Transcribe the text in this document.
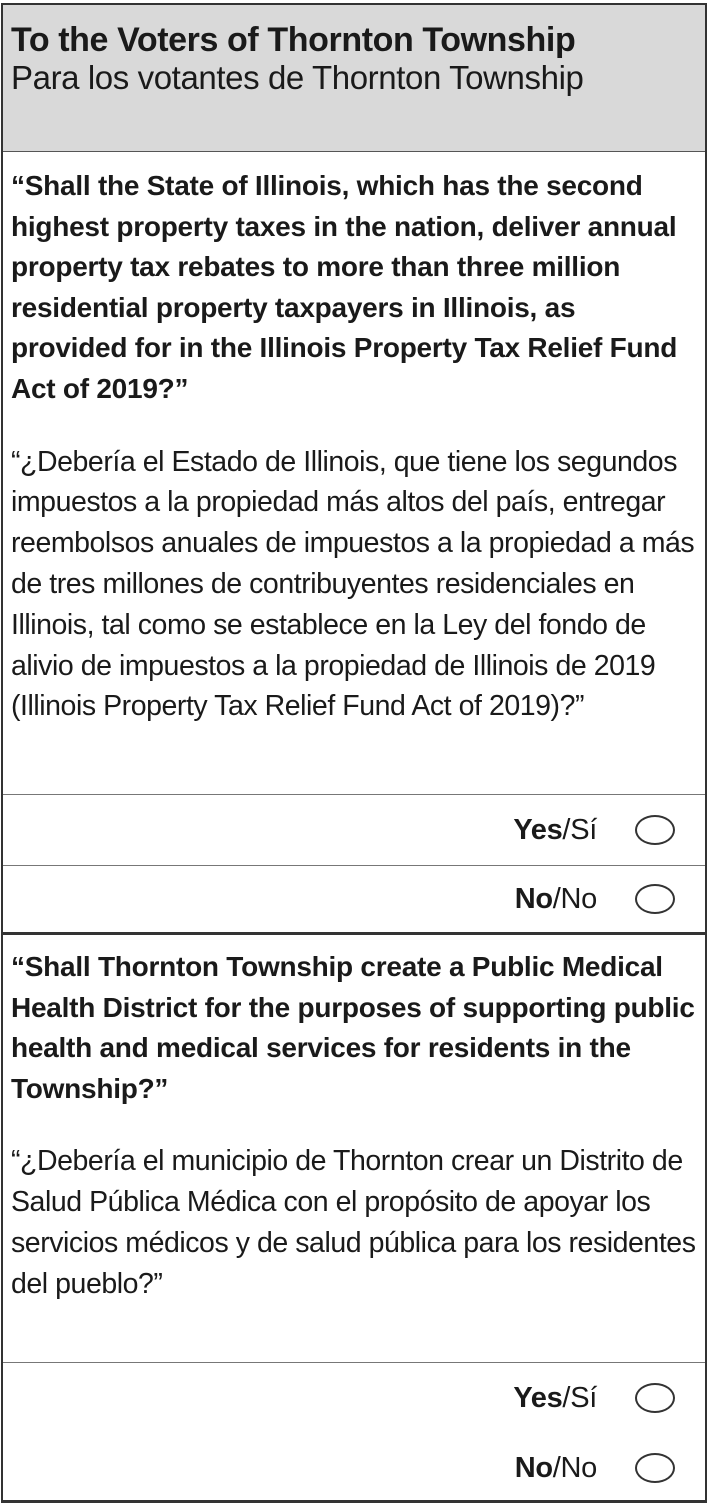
To the Voters of Thornton Township
Para los votantes de Thornton Township
“Shall the State of Illinois, which has the second highest property taxes in the nation, deliver annual property tax rebates to more than three million residential property taxpayers in Illinois, as provided for in the Illinois Property Tax Relief Fund Act of 2019?”
“¿Debería el Estado de Illinois, que tiene los segundos impuestos a la propiedad más altos del país, entregar reembolsos anuales de impuestos a la propiedad a más de tres millones de contribuyentes residenciales en Illinois, tal como se establece en la Ley del fondo de alivio de impuestos a la propiedad de Illinois de 2019 (Illinois Property Tax Relief Fund Act of 2019)?”
Yes/Sí
No/No
“Shall Thornton Township create a Public Medical Health District for the purposes of supporting public health and medical services for residents in the Township?”
“¿Debería el municipio de Thornton crear un Distrito de Salud Pública Médica con el propósito de apoyar los servicios médicos y de salud pública para los residentes del pueblo?”
Yes/Sí
No/No
